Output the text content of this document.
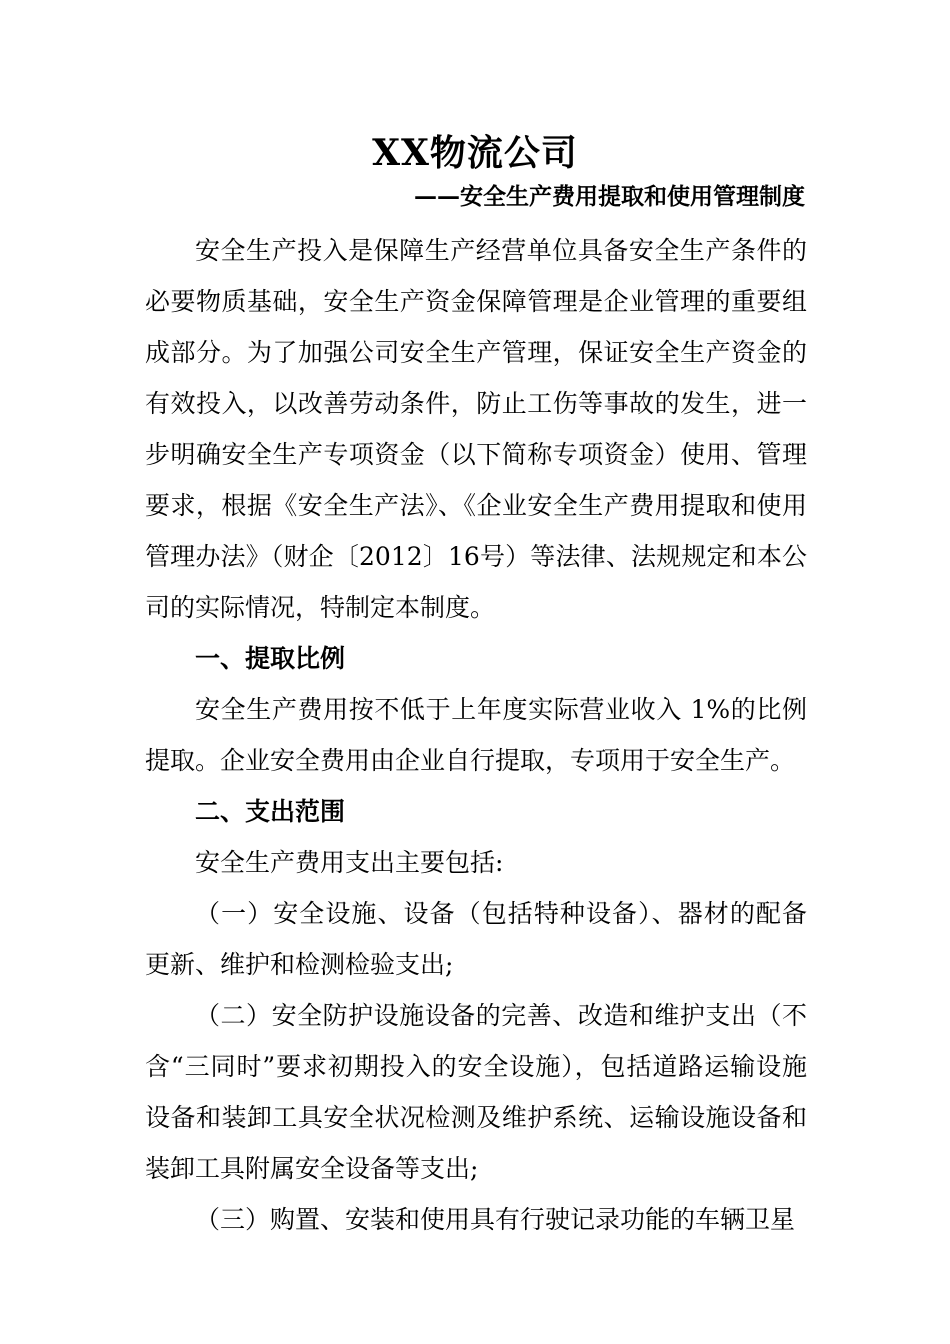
XX物流公司
——安全生产费用提取和使用管理制度

安全生产投入是保障生产经营单位具备安全生产条件的必要物质基础，安全生产资金保障管理是企业管理的重要组成部分。为了加强公司安全生产管理，保证安全生产资金的有效投入，以改善劳动条件，防止工伤等事故的发生，进一步明确安全生产专项资金（以下简称专项资金）使用、管理要求，根据《安全生产法》、《企业安全生产费用提取和使用管理办法》（财企〔2012〕16号）等法律、法规规定和本公司的实际情况，特制定本制度。

一、提取比例

安全生产费用按不低于上年度实际营业收入 1%的比例提取。企业安全费用由企业自行提取，专项用于安全生产。

二、支出范围

安全生产费用支出主要包括:

（一）安全设施、设备（包括特种设备）、器材的配备更新、维护和检测检验支出;

（二）安全防护设施设备的完善、改造和维护支出（不含“三同时”要求初期投入的安全设施），包括道路运输设施设备和装卸工具安全状况检测及维护系统、运输设施设备和装卸工具附属安全设备等支出;

（三）购置、安装和使用具有行驶记录功能的车辆卫星
